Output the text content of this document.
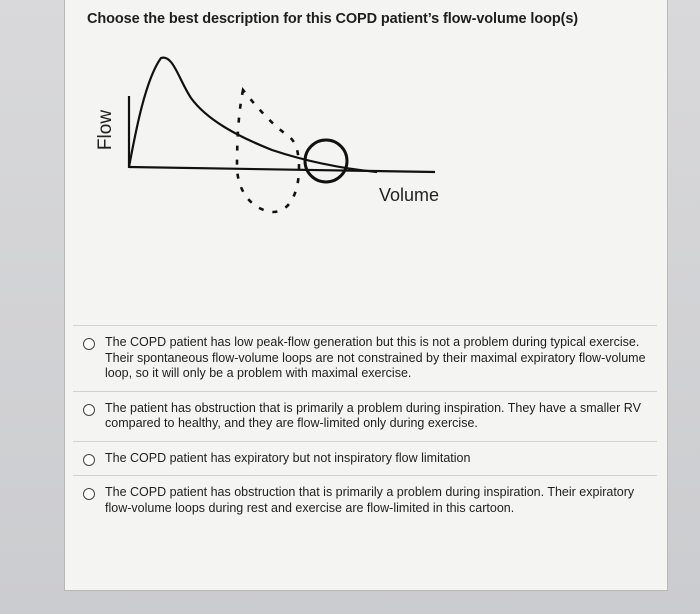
Choose the best description for this COPD patient’s flow-volume loop(s)
Flow
Volume
The COPD patient has low peak-flow generation but this is not a problem during typical exercise. Their spontaneous flow-volume loops are not constrained by their maximal expiratory flow-volume loop, so it will only be a problem with maximal exercise.
The patient has obstruction that is primarily a problem during inspiration. They have a smaller RV compared to healthy, and they are flow-limited only during exercise.
The COPD patient has expiratory but not inspiratory flow limitation
The COPD patient has obstruction that is primarily a problem during inspiration. Their expiratory flow-volume loops during rest and exercise are flow-limited in this cartoon.
